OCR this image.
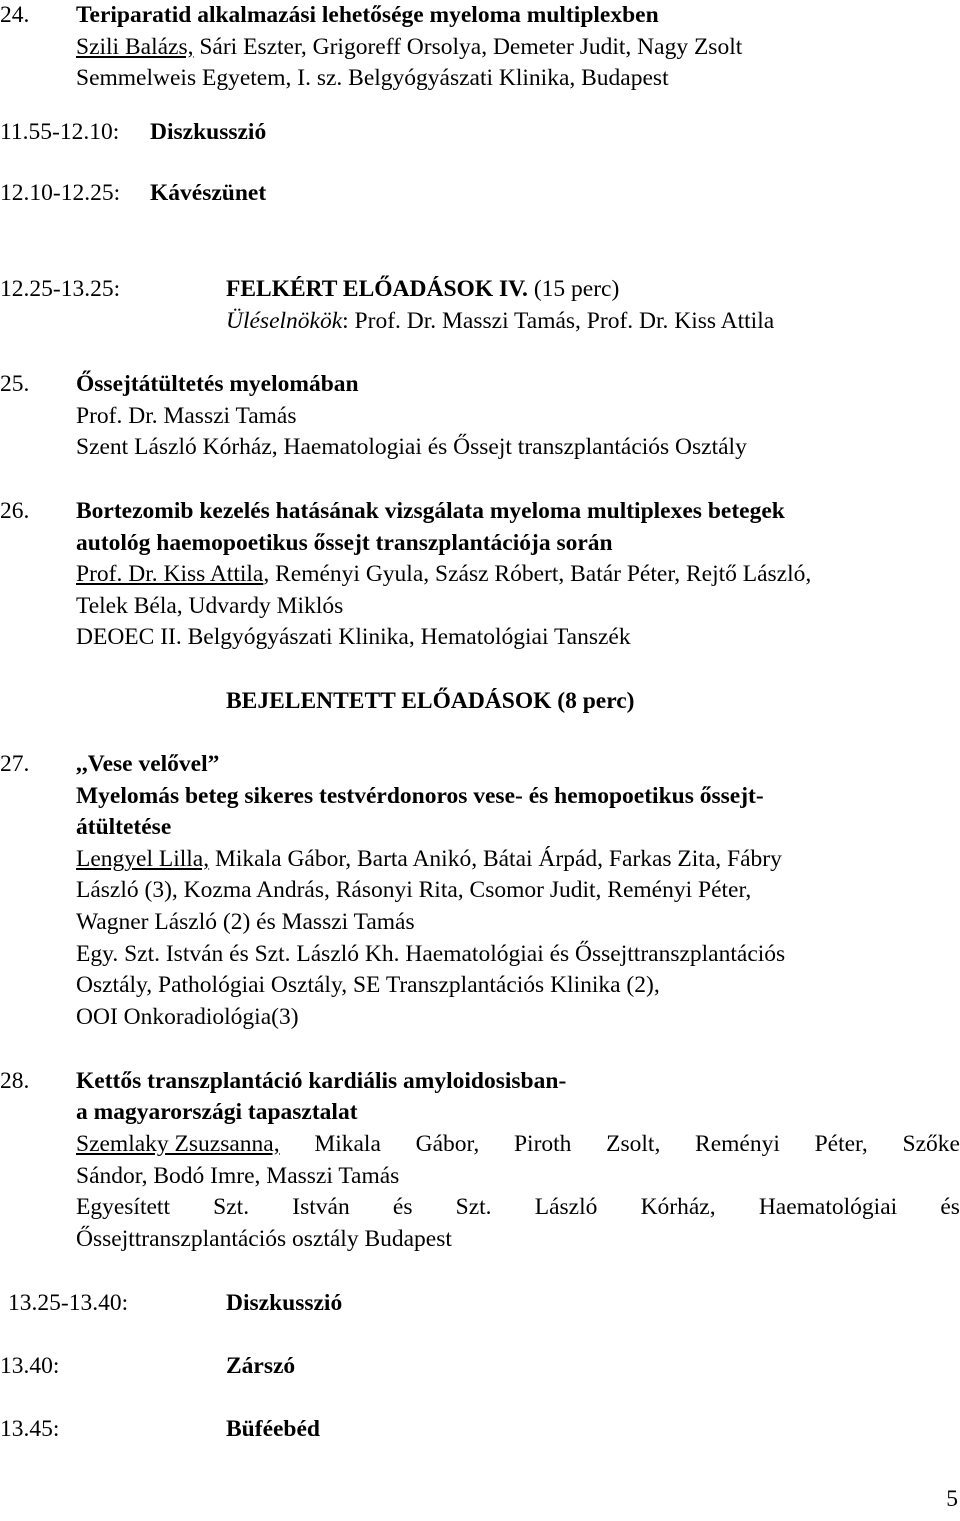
24. Teriparatid alkalmazási lehetősége myeloma multiplexben
Szili Balázs, Sári Eszter, Grigoreff Orsolya, Demeter Judit, Nagy Zsolt
Semmelweis Egyetem, I. sz. Belgyógyászati Klinika, Budapest
11.55-12.10: Diszkusszió
12.10-12.25: Kávészünet
12.25-13.25:	FELKÉRT ELŐADÁSOK IV. (15 perc)
Üléselnökök: Prof. Dr. Masszi Tamás, Prof. Dr. Kiss Attila
25. Őssejtátültetés myelomában
Prof. Dr. Masszi Tamás
Szent László Kórház, Haematologiai és Őssejt transzplantációs Osztály
26. Bortezomib kezelés hatásának vizsgálata myeloma multiplexes betegek
autológ haemopoetikus őssejt transzplantációja során
Prof. Dr. Kiss Attila, Reményi Gyula, Szász Róbert, Batár Péter, Rejtő László,
Telek Béla, Udvardy Miklós
DEOEC II. Belgyógyászati Klinika, Hematológiai Tanszék
BEJELENTETT ELŐADÁSOK (8 perc)
27. ,,Vese velővel”
Myelomás beteg sikeres testvérdonoros vese- és hemopoetikus őssejt-
átültetése
Lengyel Lilla, Mikala Gábor, Barta Anikó, Bátai Árpád, Farkas Zita, Fábry
László (3), Kozma András, Rásonyi Rita, Csomor Judit, Reményi Péter,
Wagner László (2) és Masszi Tamás
Egy. Szt. István és Szt. László Kh. Haematológiai és Őssejttranszplantációs
Osztály, Pathológiai Osztály, SE Transzplantációs Klinika (2),
OOI Onkoradiológia(3)
28. Kettős transzplantáció kardiális amyloidosisban-
a magyarországi tapasztalat
Szemlaky Zsuzsanna, Mikala Gábor, Piroth Zsolt, Reményi Péter, Szőke
Sándor, Bodó Imre, Masszi Tamás
Egyesített Szt. István és Szt. László Kórház, Haematológiai és
Őssejttranszplantációs osztály Budapest
13.25-13.40:	Diszkusszió
13.40:	Zárszó
13.45:	Büféebéd
5
